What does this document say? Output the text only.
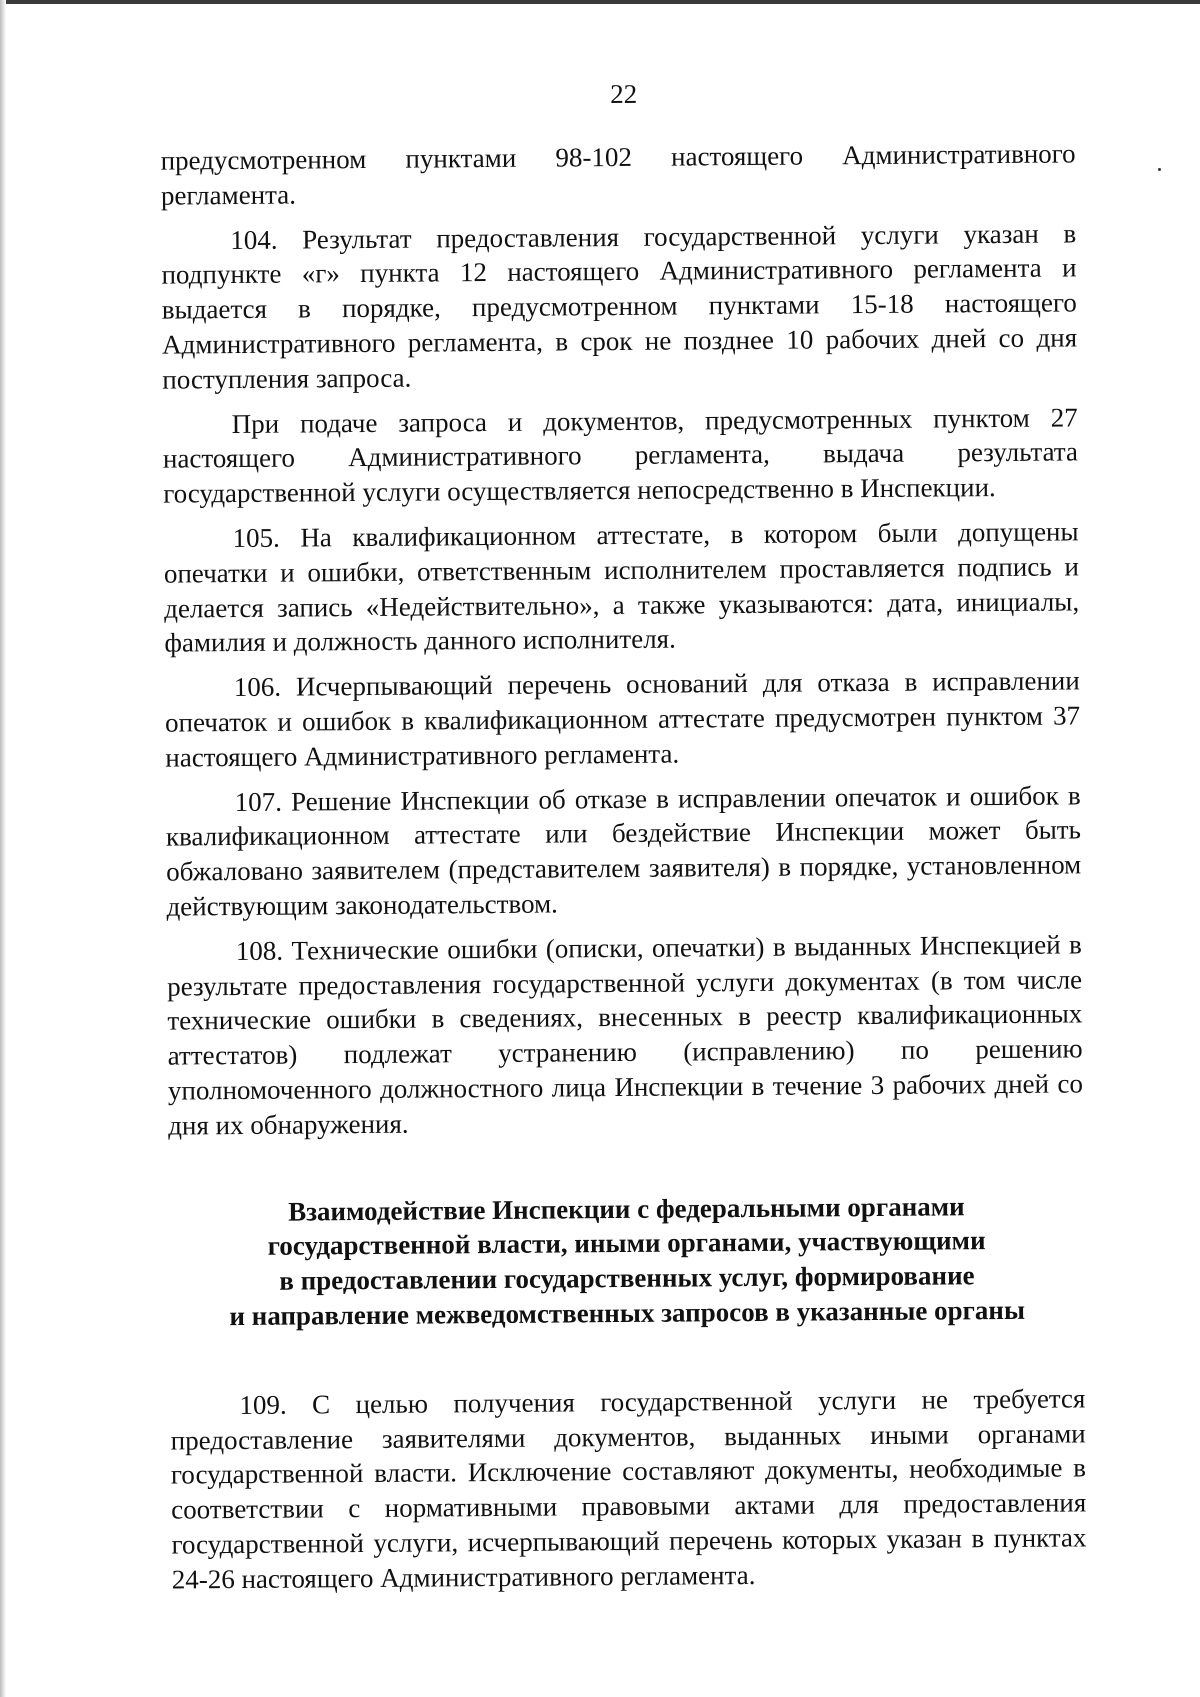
22

предусмотренном пунктами 98-102 настоящего Административного регламента.

104. Результат предоставления государственной услуги указан в подпункте «г» пункта 12 настоящего Административного регламента и выдается в порядке, предусмотренном пунктами 15-18 настоящего Административного регламента, в срок не позднее 10 рабочих дней со дня поступления запроса.

При подаче запроса и документов, предусмотренных пунктом 27 настоящего Административного регламента, выдача результата государственной услуги осуществляется непосредственно в Инспекции.

105. На квалификационном аттестате, в котором были допущены опечатки и ошибки, ответственным исполнителем проставляется подпись и делается запись «Недействительно», а также указываются: дата, инициалы, фамилия и должность данного исполнителя.

106. Исчерпывающий перечень оснований для отказа в исправлении опечаток и ошибок в квалификационном аттестате предусмотрен пунктом 37 настоящего Административного регламента.

107. Решение Инспекции об отказе в исправлении опечаток и ошибок в квалификационном аттестате или бездействие Инспекции может быть обжаловано заявителем (представителем заявителя) в порядке, установленном действующим законодательством.

108. Технические ошибки (описки, опечатки) в выданных Инспекцией в результате предоставления государственной услуги документах (в том числе технические ошибки в сведениях, внесенных в реестр квалификационных аттестатов) подлежат устранению (исправлению) по решению уполномоченного должностного лица Инспекции в течение 3 рабочих дней со дня их обнаружения.

Взаимодействие Инспекции с федеральными органами
государственной власти, иными органами, участвующими
в предоставлении государственных услуг, формирование
и направление межведомственных запросов в указанные органы

109. С целью получения государственной услуги не требуется предоставление заявителями документов, выданных иными органами государственной власти. Исключение составляют документы, необходимые в соответствии с нормативными правовыми актами для предоставления государственной услуги, исчерпывающий перечень которых указан в пунктах 24-26 настоящего Административного регламента.
